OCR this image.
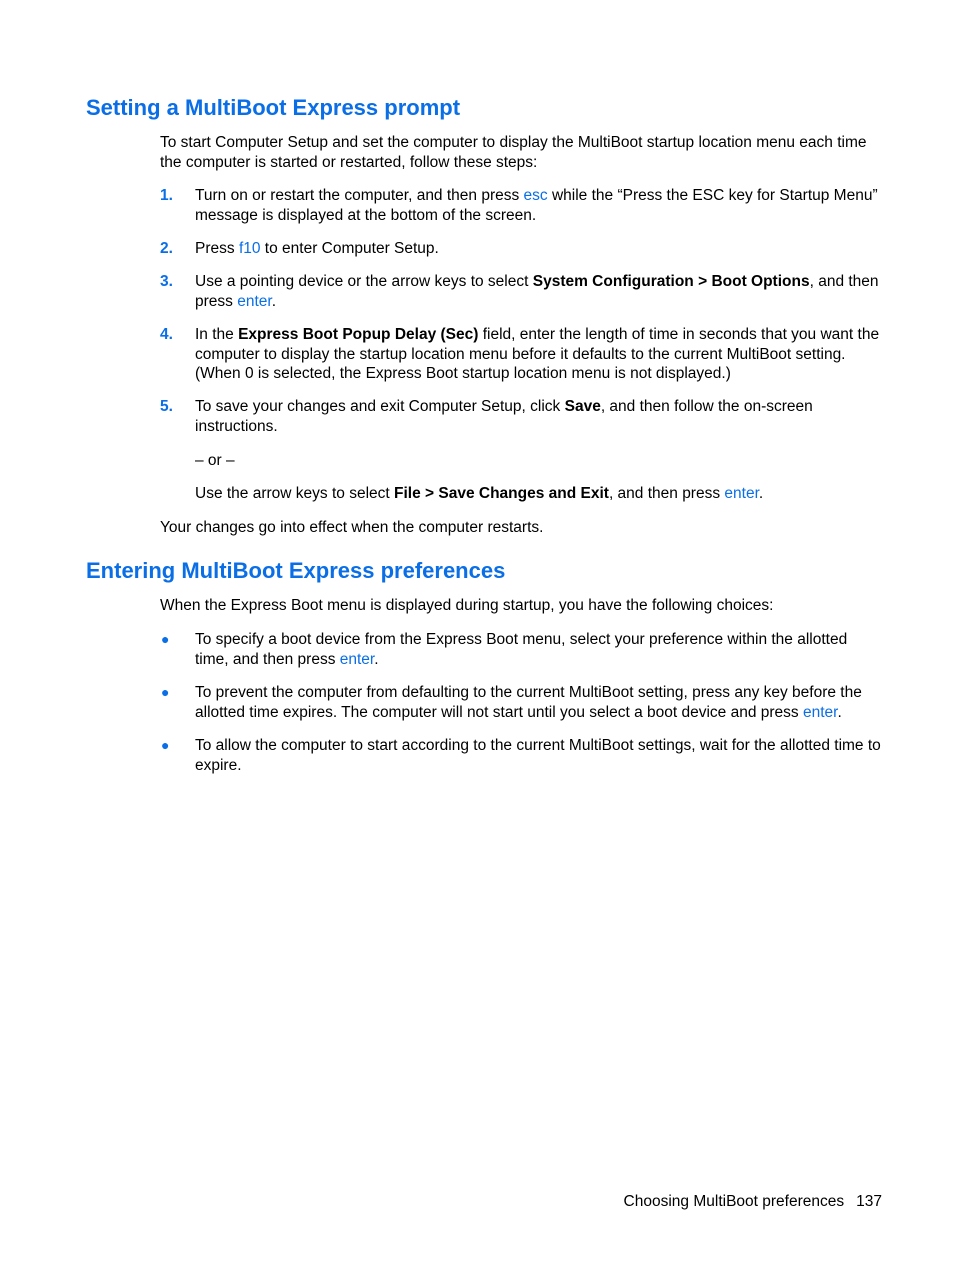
Setting a MultiBoot Express prompt

To start Computer Setup and set the computer to display the MultiBoot startup location menu each time the computer is started or restarted, follow these steps:

1. Turn on or restart the computer, and then press esc while the “Press the ESC key for Startup Menu” message is displayed at the bottom of the screen.
2. Press f10 to enter Computer Setup.
3. Use a pointing device or the arrow keys to select System Configuration > Boot Options, and then press enter.
4. In the Express Boot Popup Delay (Sec) field, enter the length of time in seconds that you want the computer to display the startup location menu before it defaults to the current MultiBoot setting. (When 0 is selected, the Express Boot startup location menu is not displayed.)
5. To save your changes and exit Computer Setup, click Save, and then follow the on-screen instructions.

– or –

Use the arrow keys to select File > Save Changes and Exit, and then press enter.

Your changes go into effect when the computer restarts.

Entering MultiBoot Express preferences

When the Express Boot menu is displayed during startup, you have the following choices:

● To specify a boot device from the Express Boot menu, select your preference within the allotted time, and then press enter.
● To prevent the computer from defaulting to the current MultiBoot setting, press any key before the allotted time expires. The computer will not start until you select a boot device and press enter.
● To allow the computer to start according to the current MultiBoot settings, wait for the allotted time to expire.
Choosing MultiBoot preferences 137
